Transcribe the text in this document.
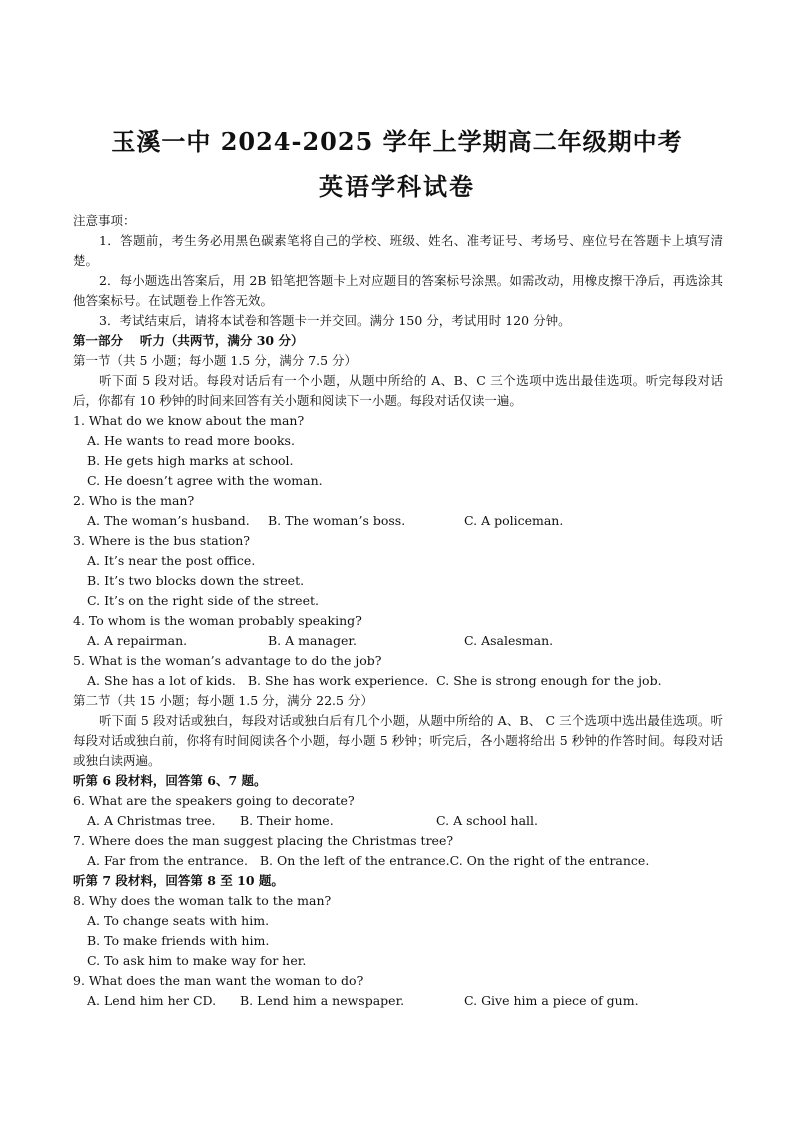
玉溪一中 2024-2025 学年上学期高二年级期中考
英语学科试卷
注意事项：
1．答题前，考生务必用黑色碳素笔将自己的学校、班级、姓名、准考证号、考场号、座位号在答题卡上填写清楚。
2．每小题选出答案后，用 2B 铅笔把答题卡上对应题目的答案标号涂黑。如需改动，用橡皮擦干净后，再选涂其他答案标号。在试题卷上作答无效。
3．考试结束后，请将本试卷和答题卡一并交回。满分 150 分，考试用时 120 分钟。
第一部分　 听力（共两节，满分 30 分）
第一节（共 5 小题；每小题 1.5 分，满分 7.5 分）
听下面 5 段对话。每段对话后有一个小题，从题中所给的 A、B、C 三个选项中选出最佳选项。听完每段对话后，你都有 10 秒钟的时间来回答有关小题和阅读下一小题。每段对话仅读一遍。
1. What do we know about the man?
A. He wants to read more books.
B. He gets high marks at school.
C. He doesn’t agree with the woman.
2. Who is the man?
A. The woman’s husband. B. The woman’s boss.	C. A policeman.
3. Where is the bus station?
A. It’s near the post office.
B. It’s two blocks down the street.
C. It’s on the right side of the street.
4. To whom is the woman probably speaking?
A. A repairman.	B. A manager.	C. Asalesman.
5. What is the woman’s advantage to do the job?
A. She has a lot of kids. B. She has work experience. C. She is strong enough for the job.
第二节（共 15 小题；每小题 1.5 分，满分 22.5 分）
听下面 5 段对话或独白，每段对话或独白后有几个小题，从题中所给的 A、B、 C 三个选项中选出最佳选项。听每段对话或独白前，你将有时间阅读各个小题，每小题 5 秒钟；听完后，各小题将给出 5 秒钟的作答时间。每段对话或独白读两遍。
听第 6 段材料，回答第 6、7 题。
6. What are the speakers going to decorate?
A. A Christmas tree. B. Their home.	C. A school hall.
7. Where does the man suggest placing the Christmas tree?
A. Far from the entrance. B. On the left of the entrance.C. On the right of the entrance.
听第 7 段材料，回答第 8 至 10 题。
8. Why does the woman talk to the man?
A. To change seats with him.
B. To make friends with him.
C. To ask him to make way for her.
9. What does the man want the woman to do?
A. Lend him her CD. B. Lend him a newspaper.	C. Give him a piece of gum.
